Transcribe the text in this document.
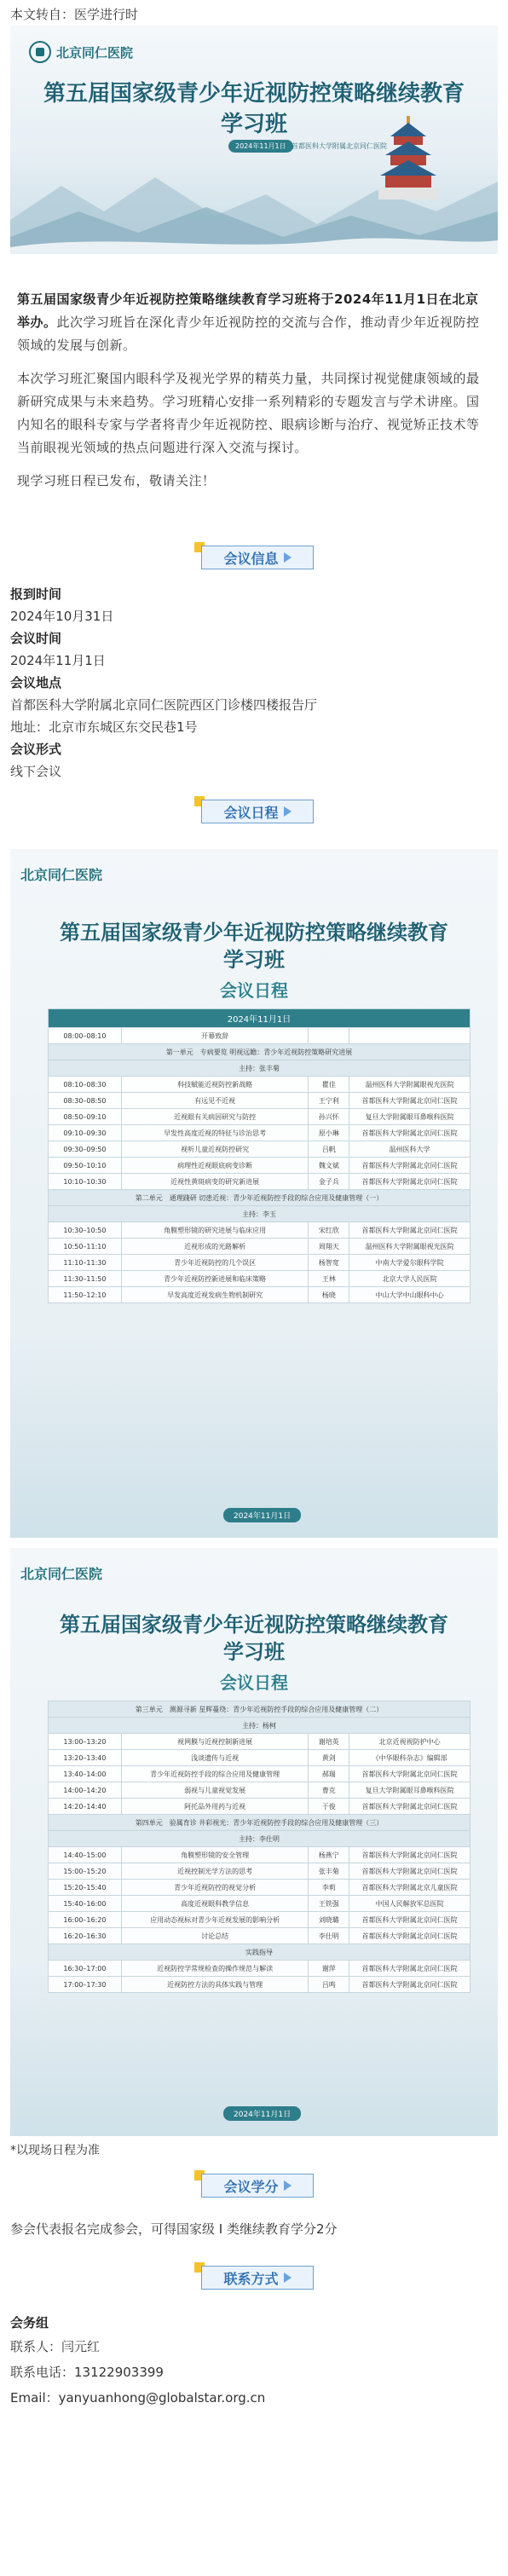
本文转自：医学进行时
北京同仁医院
第五届国家级青少年近视防控策略继续教育
学习班
2024年11月1日 首都医科大学附属北京同仁医院

第五届国家级青少年近视防控策略继续教育学习班将于2024年11月1日在北京举办。此次学习班旨在深化青少年近视防控的交流与合作，推动青少年近视防控领域的发展与创新。

本次学习班汇聚国内眼科学及视光学界的精英力量，共同探讨视觉健康领域的最新研究成果与未来趋势。学习班精心安排一系列精彩的专题发言与学术讲座。国内知名的眼科专家与学者将青少年近视防控、眼病诊断与治疗、视觉矫正技术等当前眼视光领域的热点问题进行深入交流与探讨。

现学习班日程已发布，敬请关注！

会议信息
报到时间
2024年10月31日
会议时间
2024年11月1日
会议地点
首都医科大学附属北京同仁医院西区门诊楼四楼报告厅
地址：北京市东城区东交民巷1号
会议形式
线下会议
会议日程
北京同仁医院
第五届国家级青少年近视防控策略继续教育
学习班
会议日程
2024年11月1日			
08:00–08:10	开幕致辞		
第一单元　专病要览 明视远瞻：青少年近视防控策略研究进展			
主持：张丰菊			
08:10–08:30	科技赋能近视防控新战略	瞿佳	温州医科大学附属眼视光医院
08:30–08:50	有远见不近视	王宁利	首都医科大学附属北京同仁医院
08:50–09:10	近视眼有关病因研究与防控	孙兴怀	复旦大学附属眼耳鼻喉科医院
09:10–09:30	早发性高度近视的特征与诊治思考	原小琳	首都医科大学附属北京同仁医院
09:30–09:50	视听儿童近视防控研究	吕帆	温州医科大学
09:50–10:10	病理性近视眼底病变诊断	魏文斌	首都医科大学附属北京同仁医院
10:10–10:30	近视性黄斑病变的研究新进展	金子兵	首都医科大学附属北京同仁医院
第二单元　通理踐研 切患近视：青少年近视防控手段的综合应用及健康管理（一）			
主持：李玉			
10:30–10:50	角膜塑形镜的研究进展与临床应用	宋红欣	首都医科大学附属北京同仁医院
10:50–11:10	近视形成的光路解析	周翔天	温州医科大学附属眼视光医院
11:10–11:30	青少年近视防控的几个误区	杨智宽	中南大学爱尔眼科学院
11:30–11:50	青少年近视防控新进展和临床策略	王林	北京大学人民医院
11:50–12:10	早发高度近视发病生物机制研究	杨晓	中山大学中山眼科中心
2024年11月1日
北京同仁医院
第五届国家级青少年近视防控策略继续教育
学习班
会议日程
第三单元　测源寻新 星辉蔓绕：青少年近视防控手段的综合应用及健康管理（二）			
主持：杨柯			
13:00–13:20	视网膜与近视控制新进展	谢培英	北京近视视防护中心
13:20–13:40	浅谈遗传与近视	黄剑	《中华眼科杂志》编辑部
13:40–14:00	青少年近视防控手段的综合应用及健康管理	郝瑞	首都医科大学附属北京同仁医院
14:00–14:20	弱视与儿童视觉发展	曹克	复旦大学附属眼耳鼻喉科医院
14:20–14:40	阿托品外用药与近视	于俊	首都医科大学附属北京同仁医院
第四单元　验属育诊 井彩视光：青少年近视防控手段的综合应用及健康管理（三）			
主持：李仕明			
14:40–15:00	角膜塑形镜的安全管理	杨燕宁	首都医科大学附属北京同仁医院
15:00–15:20	近视控制光学方法的思考	张丰菊	首都医科大学附属北京同仁医院
15:20–15:40	青少年近视防控的视觉分析	李莉	首都医科大学附属北京儿童医院
15:40–16:00	高度近视眼科教学信息	王铁强	中国人民解放军总医院
16:00–16:20	应用动态视标对青少年近视发展的影响分析	刘晓璐	首都医科大学附属北京同仁医院
16:20–16:30	讨论总结	李仕明	首都医科大学附属北京同仁医院
实践指导			
16:30–17:00	近视防控学常规检查的操作规范与解读	谢萍	首都医科大学附属北京同仁医院
17:00–17:30	近视防控方法的具体实践与管理	吕鸣	首都医科大学附属北京同仁医院
2024年11月1日
*以现场日程为准
会议学分
参会代表报名完成参会，可得国家级 I 类继续教育学分2分
联系方式
会务组
联系人：闫元红
联系电话：13122903399
Email：yanyuanhong@globalstar.org.cn
